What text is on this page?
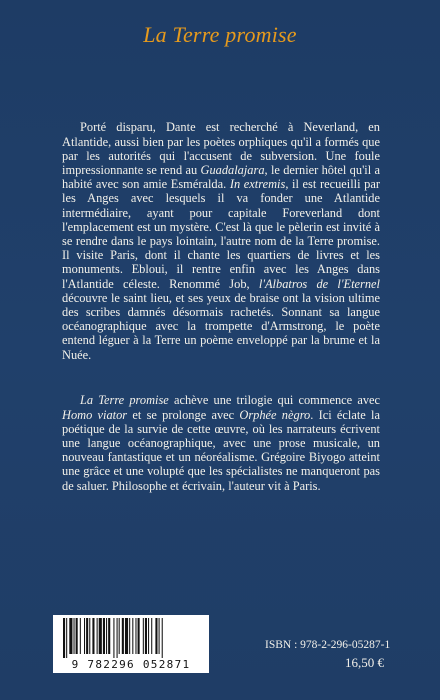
La Terre promise

Porté disparu, Dante est recherché à Neverland, en Atlantide, aussi bien par les poètes orphiques qu'il a formés que par les autorités qui l'accusent de subversion. Une foule impressionnante se rend au Guadalajara, le dernier hôtel qu'il a habité avec son amie Esméralda. In extremis, il est recueilli par les Anges avec lesquels il va fonder une Atlantide intermédiaire, ayant pour capitale Foreverland dont l'emplacement est un mystère. C'est là que le pèlerin est invité à se rendre dans le pays lointain, l'autre nom de la Terre promise. Il visite Paris, dont il chante les quartiers de livres et les monuments. Ebloui, il rentre enfin avec les Anges dans l'Atlantide céleste. Renommé Job, l'Albatros de l'Eternel découvre le saint lieu, et ses yeux de braise ont la vision ultime des scribes damnés désormais rachetés. Sonnant sa langue océanographique avec la trompette d'Armstrong, le poète entend léguer à la Terre un poème enveloppé par la brume et la Nuée.

La Terre promise achève une trilogie qui commence avec Homo viator et se prolonge avec Orphée nègro. Ici éclate la poétique de la survie de cette œuvre, où les narrateurs écrivent une langue océanographique, avec une prose musicale, un nouveau fantastique et un néoréalisme. Grégoire Biyogo atteint une grâce et une volupté que les spécialistes ne manqueront pas de saluer. Philosophe et écrivain, l'auteur vit à Paris.

9 782296 052871
ISBN : 978-2-296-05287-1
16,50 €
